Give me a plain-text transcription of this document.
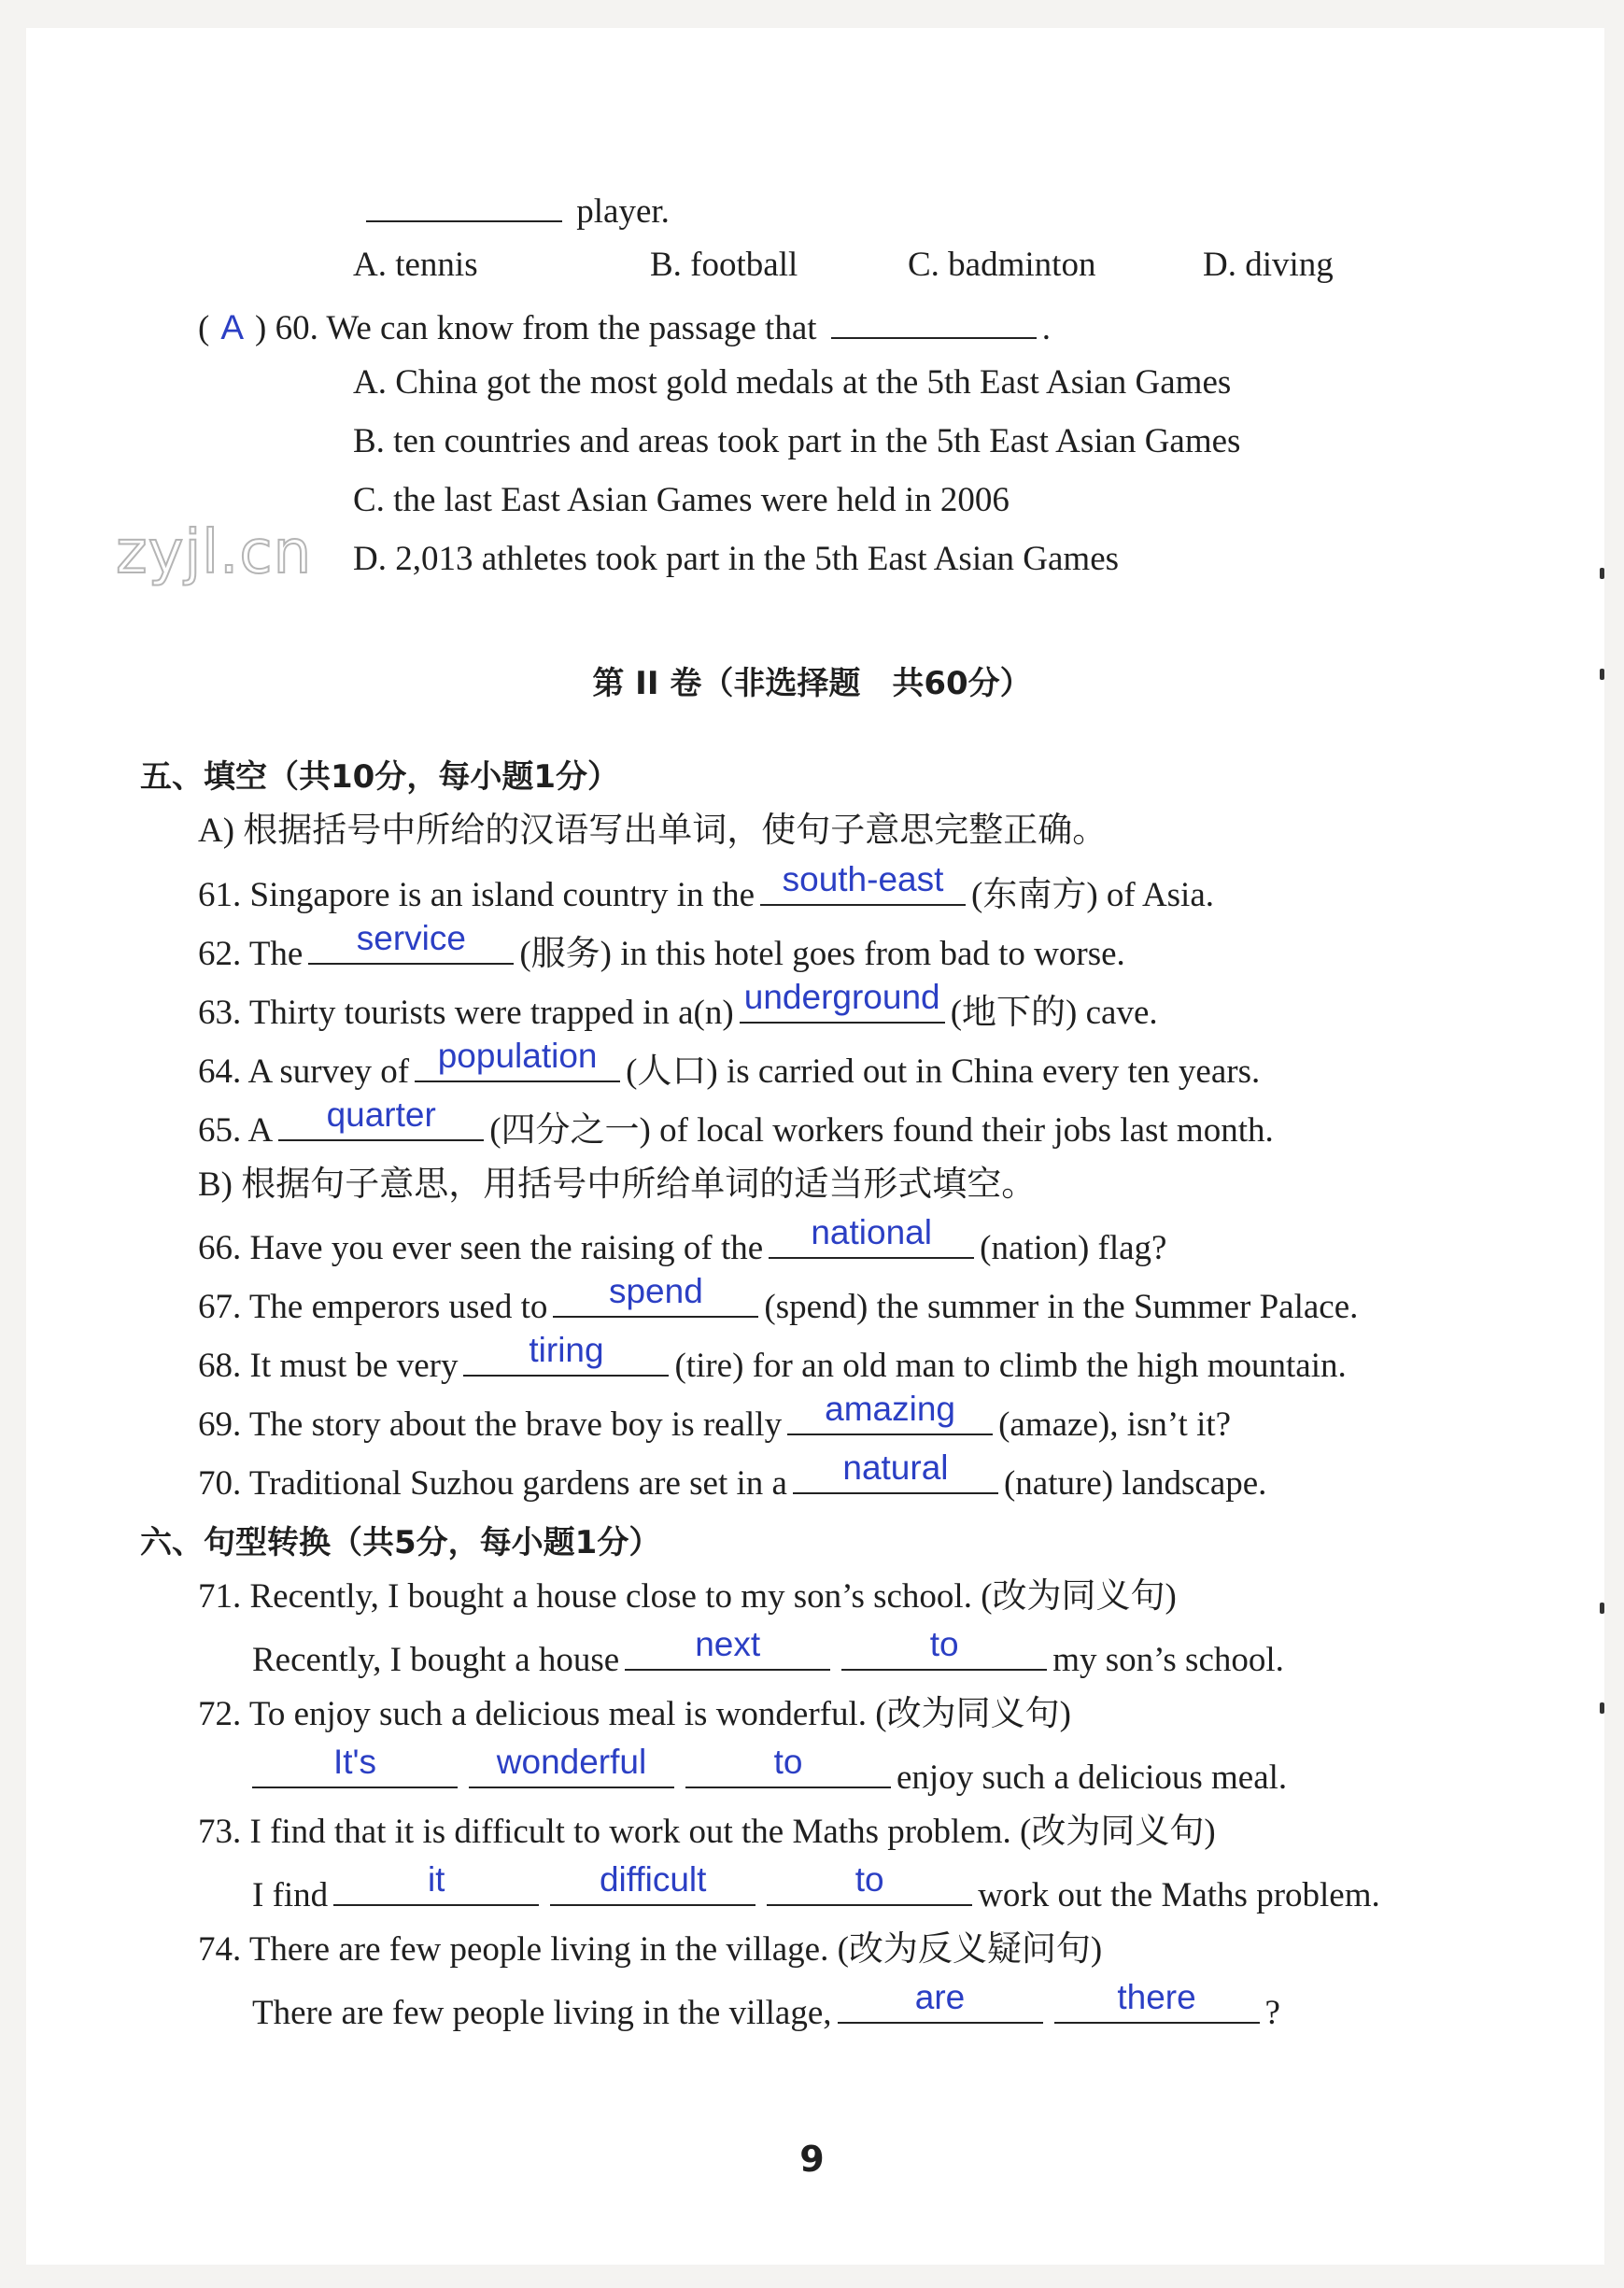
zyjl.cn
player.
A. tennis	B. football	C. badminton	D. diving
( A ) 60. We can know from the passage that	.
A. China got the most gold medals at the 5th East Asian Games
B. ten countries and areas took part in the 5th East Asian Games
C. the last East Asian Games were held in 2006
D. 2,013 athletes took part in the 5th East Asian Games
第 II 卷（非选择题　共60分）
五、填空（共10分，每小题1分）
A) 根据括号中所给的汉语写出单词，使句子意思完整正确。
61. Singapore is an island country in the south-east (东南方) of Asia.
62. The	service	(服务) in this hotel goes from bad to worse.
63. Thirty tourists were trapped in a(n) underground (地下的) cave.
64. A survey of population (人口) is carried out in China every ten years.
65. A	quarter	(四分之一) of local workers found their jobs last month.
B) 根据句子意思，用括号中所给单词的适当形式填空。
66. Have you ever seen the raising of the	national	(nation) flag?
67. The emperors used to	spend	(spend) the summer in the Summer Palace.
68. It must be very	tiring	(tire) for an old man to climb the high mountain.
69. The story about the brave boy is really	amazing	(amaze), isn’t it?
70. Traditional Suzhou gardens are set in a	natural	(nature) landscape.
六、句型转换（共5分，每小题1分）
71. Recently, I bought a house close to my son’s school. (改为同义句)
Recently, I bought a house	next	to	my son’s school.
72. To enjoy such a delicious meal is wonderful. (改为同义句)
It's	wonderful	to	enjoy such a delicious meal.
73. I find that it is difficult to work out the Maths problem. (改为同义句)
I find	it	difficult	to	work out the Maths problem.
74. There are few people living in the village. (改为反义疑问句)
There are few people living in the village,	are	there	?
9
